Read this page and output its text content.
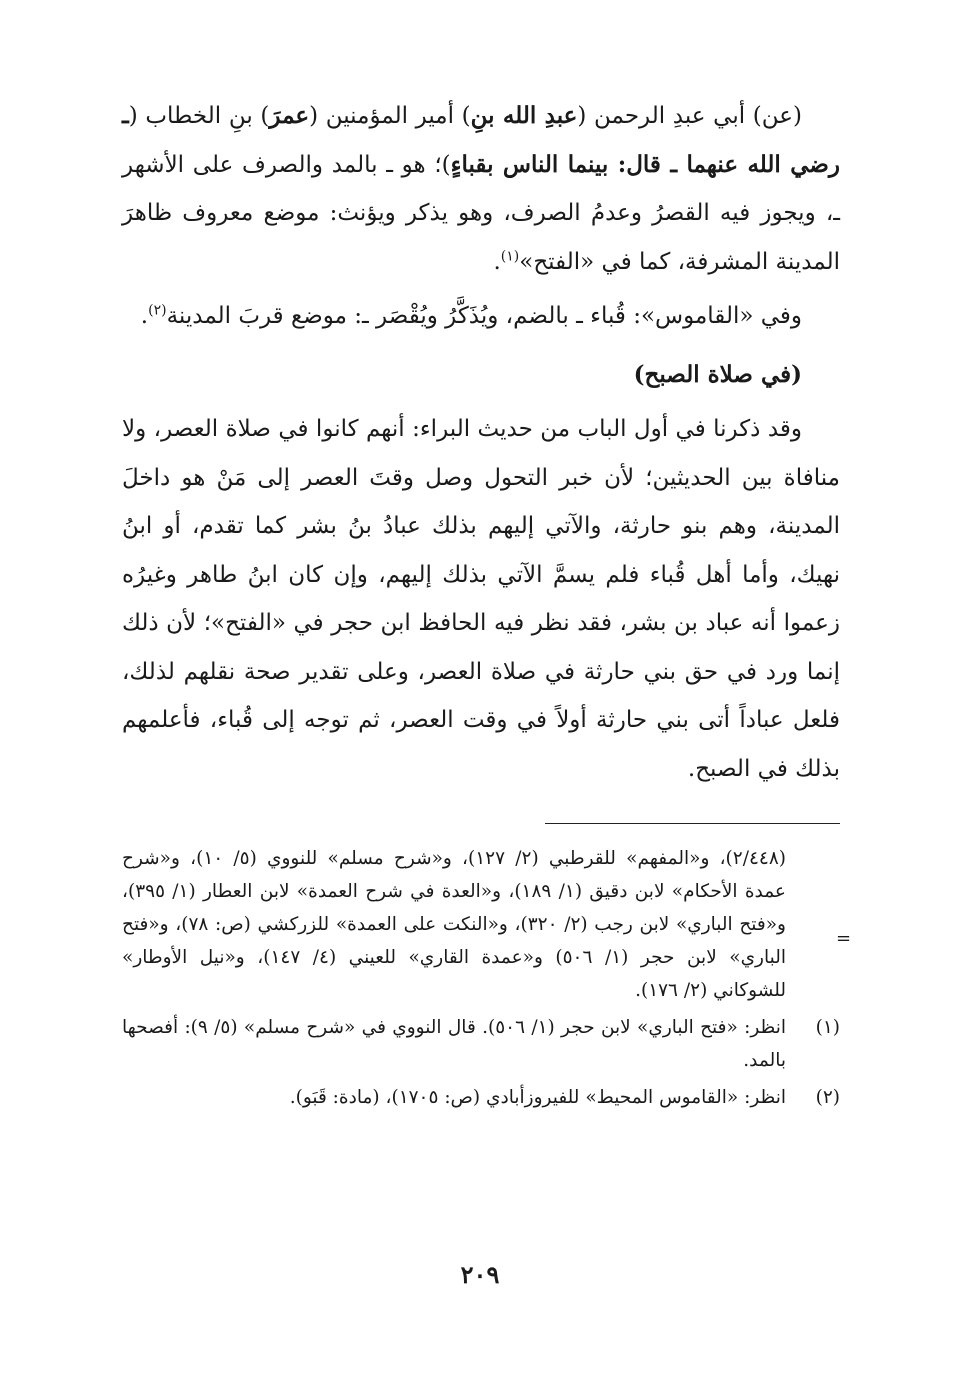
(عن) أبي عبدِ الرحمن (عبدِ الله بنِ) أمير المؤمنين (عمرَ) بنِ الخطاب (ـ رضي الله عنهما ـ قال: بينما الناس بقباءٍ)؛ هو ـ بالمد والصرف على الأشهر ـ، ويجوز فيه القصرُ وعدمُ الصرف، وهو يذكر ويؤنث: موضع معروف ظاهرَ المدينة المشرفة، كما في «الفتح»$^{(١)}$.

وفي «القاموس»: قُباء ـ بالضم، ويُذَكَّرُ ويُقْصَر ـ: موضع قربَ المدينة$^{(٢)}$.

(في صلاة الصبح)

وقد ذكرنا في أول الباب من حديث البراء: أنهم كانوا في صلاة العصر، ولا منافاة بين الحديثين؛ لأن خبر التحول وصل وقتَ العصر إلى مَنْ هو داخلَ المدينة، وهم بنو حارثة، والآتي إليهم بذلك عبادُ بنُ بشر كما تقدم، أو ابنُ نهيك، وأما أهل قُباء فلم يسمَّ الآتي بذلك إليهم، وإن كان ابنُ طاهر وغيرُه زعموا أنه عباد بن بشر، فقد نظر فيه الحافظ ابن حجر في «الفتح»؛ لأن ذلك إنما ورد في حق بني حارثة في صلاة العصر، وعلى تقدير صحة نقلهم لذلك، فلعل عباداً أتى بني حارثة أولاً في وقت العصر، ثم توجه إلى قُباء، فأعلمهم بذلك في الصبح.

(٢/٤٤٨)، و«المفهم» للقرطبي (٢/ ١٢٧)، و«شرح مسلم» للنووي (٥/ ١٠)، و«شرح عمدة الأحكام» لابن دقيق (١/ ١٨٩)، و«العدة في شرح العمدة» لابن العطار (١/ ٣٩٥)، و«فتح الباري» لابن رجب (٢/ ٣٢٠)، و«النكت على العمدة» للزركشي (ص: ٧٨)، و«فتح الباري» لابن حجر (١/ ٥٠٦) و«عمدة القاري» للعيني (٤/ ١٤٧)، و«نيل الأوطار» للشوكاني (٢/ ١٧٦).
(١)
انظر: «فتح الباري» لابن حجر (١/ ٥٠٦). قال النووي في «شرح مسلم» (٥/ ٩): أفصحها بالمد.
(٢)
انظر: «القاموس المحيط» للفيروزأبادي (ص: ١٧٠٥)، (مادة: قَبَو).
=
٢٠٩
